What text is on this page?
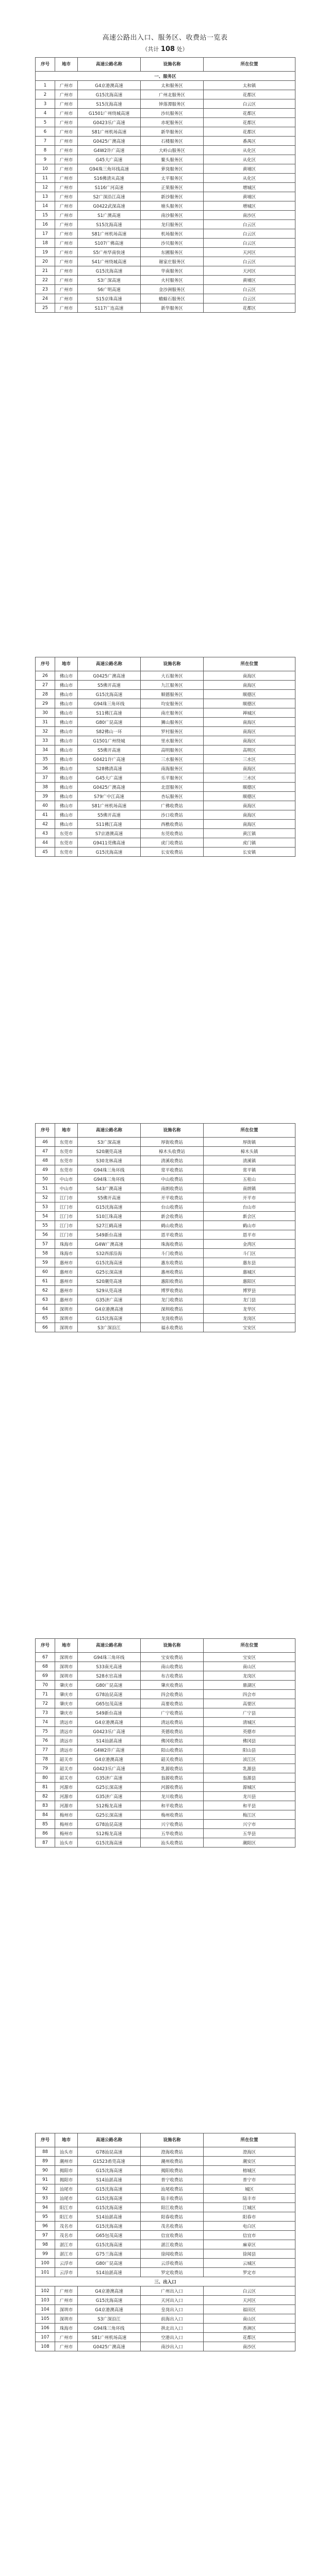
高速公路出入口、服务区、收费站一览表
（共计 108 处）
序号	地市	高速公路名称	设施名称	所在位置
一、服务区				
1	广州市	G4京港澳高速	太和服务区	太和镇
2	广州市	G15沈海高速	广州北服务区	花都区
3	广州市	S15沈海高速	钟落潭服务区	白云区
4	广州市	G1501广州绕城高速	沙坑服务区	花都区
5	广州市	G0423乐广高速	赤坭服务区	花都区
6	广州市	S81广州机场高速	新华服务区	花都区
7	广州市	G0425广澳高速	石楼服务区	番禺区
8	广州市	G4W2许广高速	大岭山服务区	从化区
9	广州市	G45大广高速	鳌头服务区	从化区
10	广州市	G94珠三角环线高速	萝岗服务区	黄埔区
11	广州市	S16佛清从高速	太平服务区	从化区
12	广州市	S116广河高速	正果服务区	增城区
13	广州市	S2广深沿江高速	新沙服务区	黄埔区
14	广州市	G0422武深高速	塘头服务区	增城区
15	广州市	S1广澳高速	南沙服务区	南沙区
16	广州市	S15沈海高速	龙归服务区	白云区
17	广州市	S81广州机场高速	机场服务区	白云区
18	广州市	S107广佛高速	沙贝服务区	白云区
19	广州市	S5广州华南快速	东圃服务区	天河区
20	广州市	S41广州绕城高速	谢家庄服务区	白云区
21	广州市	G15沈海高速	华南服务区	天河区
22	广州市	S3广深高速	火村服务区	黄埔区
23	广州市	S6广明高速	金沙洲服务区	白云区
24	广州市	S15京珠高速	蟾蜍石服务区	白云区
25	广州市	S117广连高速	新华服务区	花都区
序号	地市	高速公路名称	设施名称	所在位置
26	佛山市	G0425广澳高速	大石服务区	南海区
27	佛山市	S5佛开高速	九江服务区	南海区
28	佛山市	G15沈海高速	顺德服务区	顺德区
29	佛山市	G94珠三角环线	均安服务区	顺德区
30	佛山市	S11佛江高速	南庄服务区	禅城区
31	佛山市	G80广昆高速	狮山服务区	南海区
32	佛山市	S82佛山一环	罗村服务区	南海区
33	佛山市	G1501广州绕城	里水服务区	南海区
34	佛山市	S5佛开高速	高明服务区	高明区
35	佛山市	G0421许广高速	三水服务区	三水区
36	佛山市	S28佛清高速	南海服务区	南海区
37	佛山市	G45大广高速	乐平服务区	三水区
38	佛山市	G0425广澳高速	北滘服务区	顺德区
39	佛山市	S79广中江高速	杏坛服务区	顺德区
40	佛山市	S81广州机场高速	广佛收费站	南海区
41	佛山市	S5佛开高速	沙口收费站	南海区
42	佛山市	S11佛江高速	西樵收费站	南海区
43	东莞市	S7京港澳高速	东莞收费站	黄江镇
44	东莞市	G9411莞佛高速	虎门收费站	虎门镇
45	东莞市	G15沈海高速	长安收费站	长安镇
序号	地市	高速公路名称	设施名称	所在位置
46	东莞市	S3广深高速	厚街收费站	厚街镇
47	东莞市	S20潮莞高速	樟木头收费站	樟木头镇
48	东莞市	S30龙林高速	清溪收费站	清溪镇
49	东莞市	G94珠三角环线	常平收费站	常平镇
50	中山市	G94珠三角环线	中山收费站	五桂山
51	中山市	S43广澳高速	南朗收费站	南朗镇
52	江门市	S5佛开高速	开平收费站	开平市
53	江门市	G15沈海高速	台山收费站	台山市
54	江门市	S10江珠高速	新会收费站	新会区
55	江门市	S27江鹤高速	鹤山收费站	鹤山市
56	江门市	S49新台高速	恩平收费站	恩平市
57	珠海市	G4W广澳高速	珠海收费站	金湾区
58	珠海市	S32西部沿海	斗门收费站	斗门区
59	惠州市	G15沈海高速	惠东收费站	惠东县
60	惠州市	G25长深高速	惠州收费站	惠城区
61	惠州市	S20潮莞高速	惠阳收费站	惠阳区
62	惠州市	S29从莞高速	博罗收费站	博罗县
63	惠州市	G35济广高速	龙门收费站	龙门县
64	深圳市	G4京港澳高速	深圳收费站	龙华区
65	深圳市	G15沈海高速	龙岗收费站	龙岗区
66	深圳市	S3广深沿江	福永收费站	宝安区
序号	地市	高速公路名称	设施名称	所在位置
67	深圳市	G94珠三角环线	宝安收费站	宝安区
68	深圳市	S33南光高速	南山收费站	南山区
69	深圳市	S28水官高速	布吉收费站	龙岗区
70	肇庆市	G80广昆高速	肇庆收费站	鼎湖区
71	肇庆市	G78汕昆高速	四会收费站	四会市
72	肇庆市	G65包茂高速	高要收费站	高要区
73	肇庆市	S49新台高速	广宁收费站	广宁县
74	清远市	G4京港澳高速	清远收费站	清城区
75	清远市	G0423乐广高速	英德收费站	英德市
76	清远市	S14汕湛高速	佛冈收费站	佛冈县
77	清远市	G4W2许广高速	阳山收费站	阳山县
78	韶关市	G4京港澳高速	韶关收费站	浈江区
79	韶关市	G0423乐广高速	乳源收费站	乳源县
80	韶关市	G35济广高速	翁源收费站	翁源县
81	河源市	G25长深高速	河源收费站	源城区
82	河源市	G35济广高速	龙川收费站	龙川县
83	河源市	S12梅龙高速	和平收费站	和平县
84	梅州市	G25长深高速	梅州收费站	梅江区
85	梅州市	G78汕昆高速	兴宁收费站	兴宁市
86	梅州市	S12梅龙高速	五华收费站	五华县
87	汕头市	G15沈海高速	汕头收费站	潮阳区
序号	地市	高速公路名称	设施名称	所在位置
88	汕头市	G78汕昆高速	澄海收费站	澄海区
89	潮州市	G1523甬莞高速	潮州收费站	潮安区
90	揭阳市	G15沈海高速	揭阳收费站	榕城区
91	揭阳市	S14汕湛高速	普宁收费站	普宁市
92	汕尾市	G15沈海高速	汕尾收费站	城区
93	汕尾市	G15沈海高速	陆丰收费站	陆丰市
94	阳江市	G15沈海高速	阳江收费站	江城区
95	阳江市	S14汕湛高速	阳春收费站	阳春市
96	茂名市	G15沈海高速	茂名收费站	电白区
97	茂名市	G65包茂高速	信宜收费站	信宜市
98	湛江市	G15沈海高速	湛江收费站	麻章区
99	湛江市	G75兰海高速	徐闻收费站	徐闻县
100	云浮市	G80广昆高速	云浮收费站	云城区
101	云浮市	S14汕湛高速	罗定收费站	罗定市
三、出入口				
102	广州市	G4京港澳高速	广州出入口	白云区
103	广州市	G15沈海高速	天河出入口	天河区
104	深圳市	G4京港澳高速	皇岗出入口	福田区
105	深圳市	S3广深沿江	前海出入口	南山区
106	珠海市	G94珠三角环线	拱北出入口	香洲区
107	广州市	S81广州机场高速	空港出入口	花都区
108	广州市	G0425广澳高速	南沙出入口	南沙区
